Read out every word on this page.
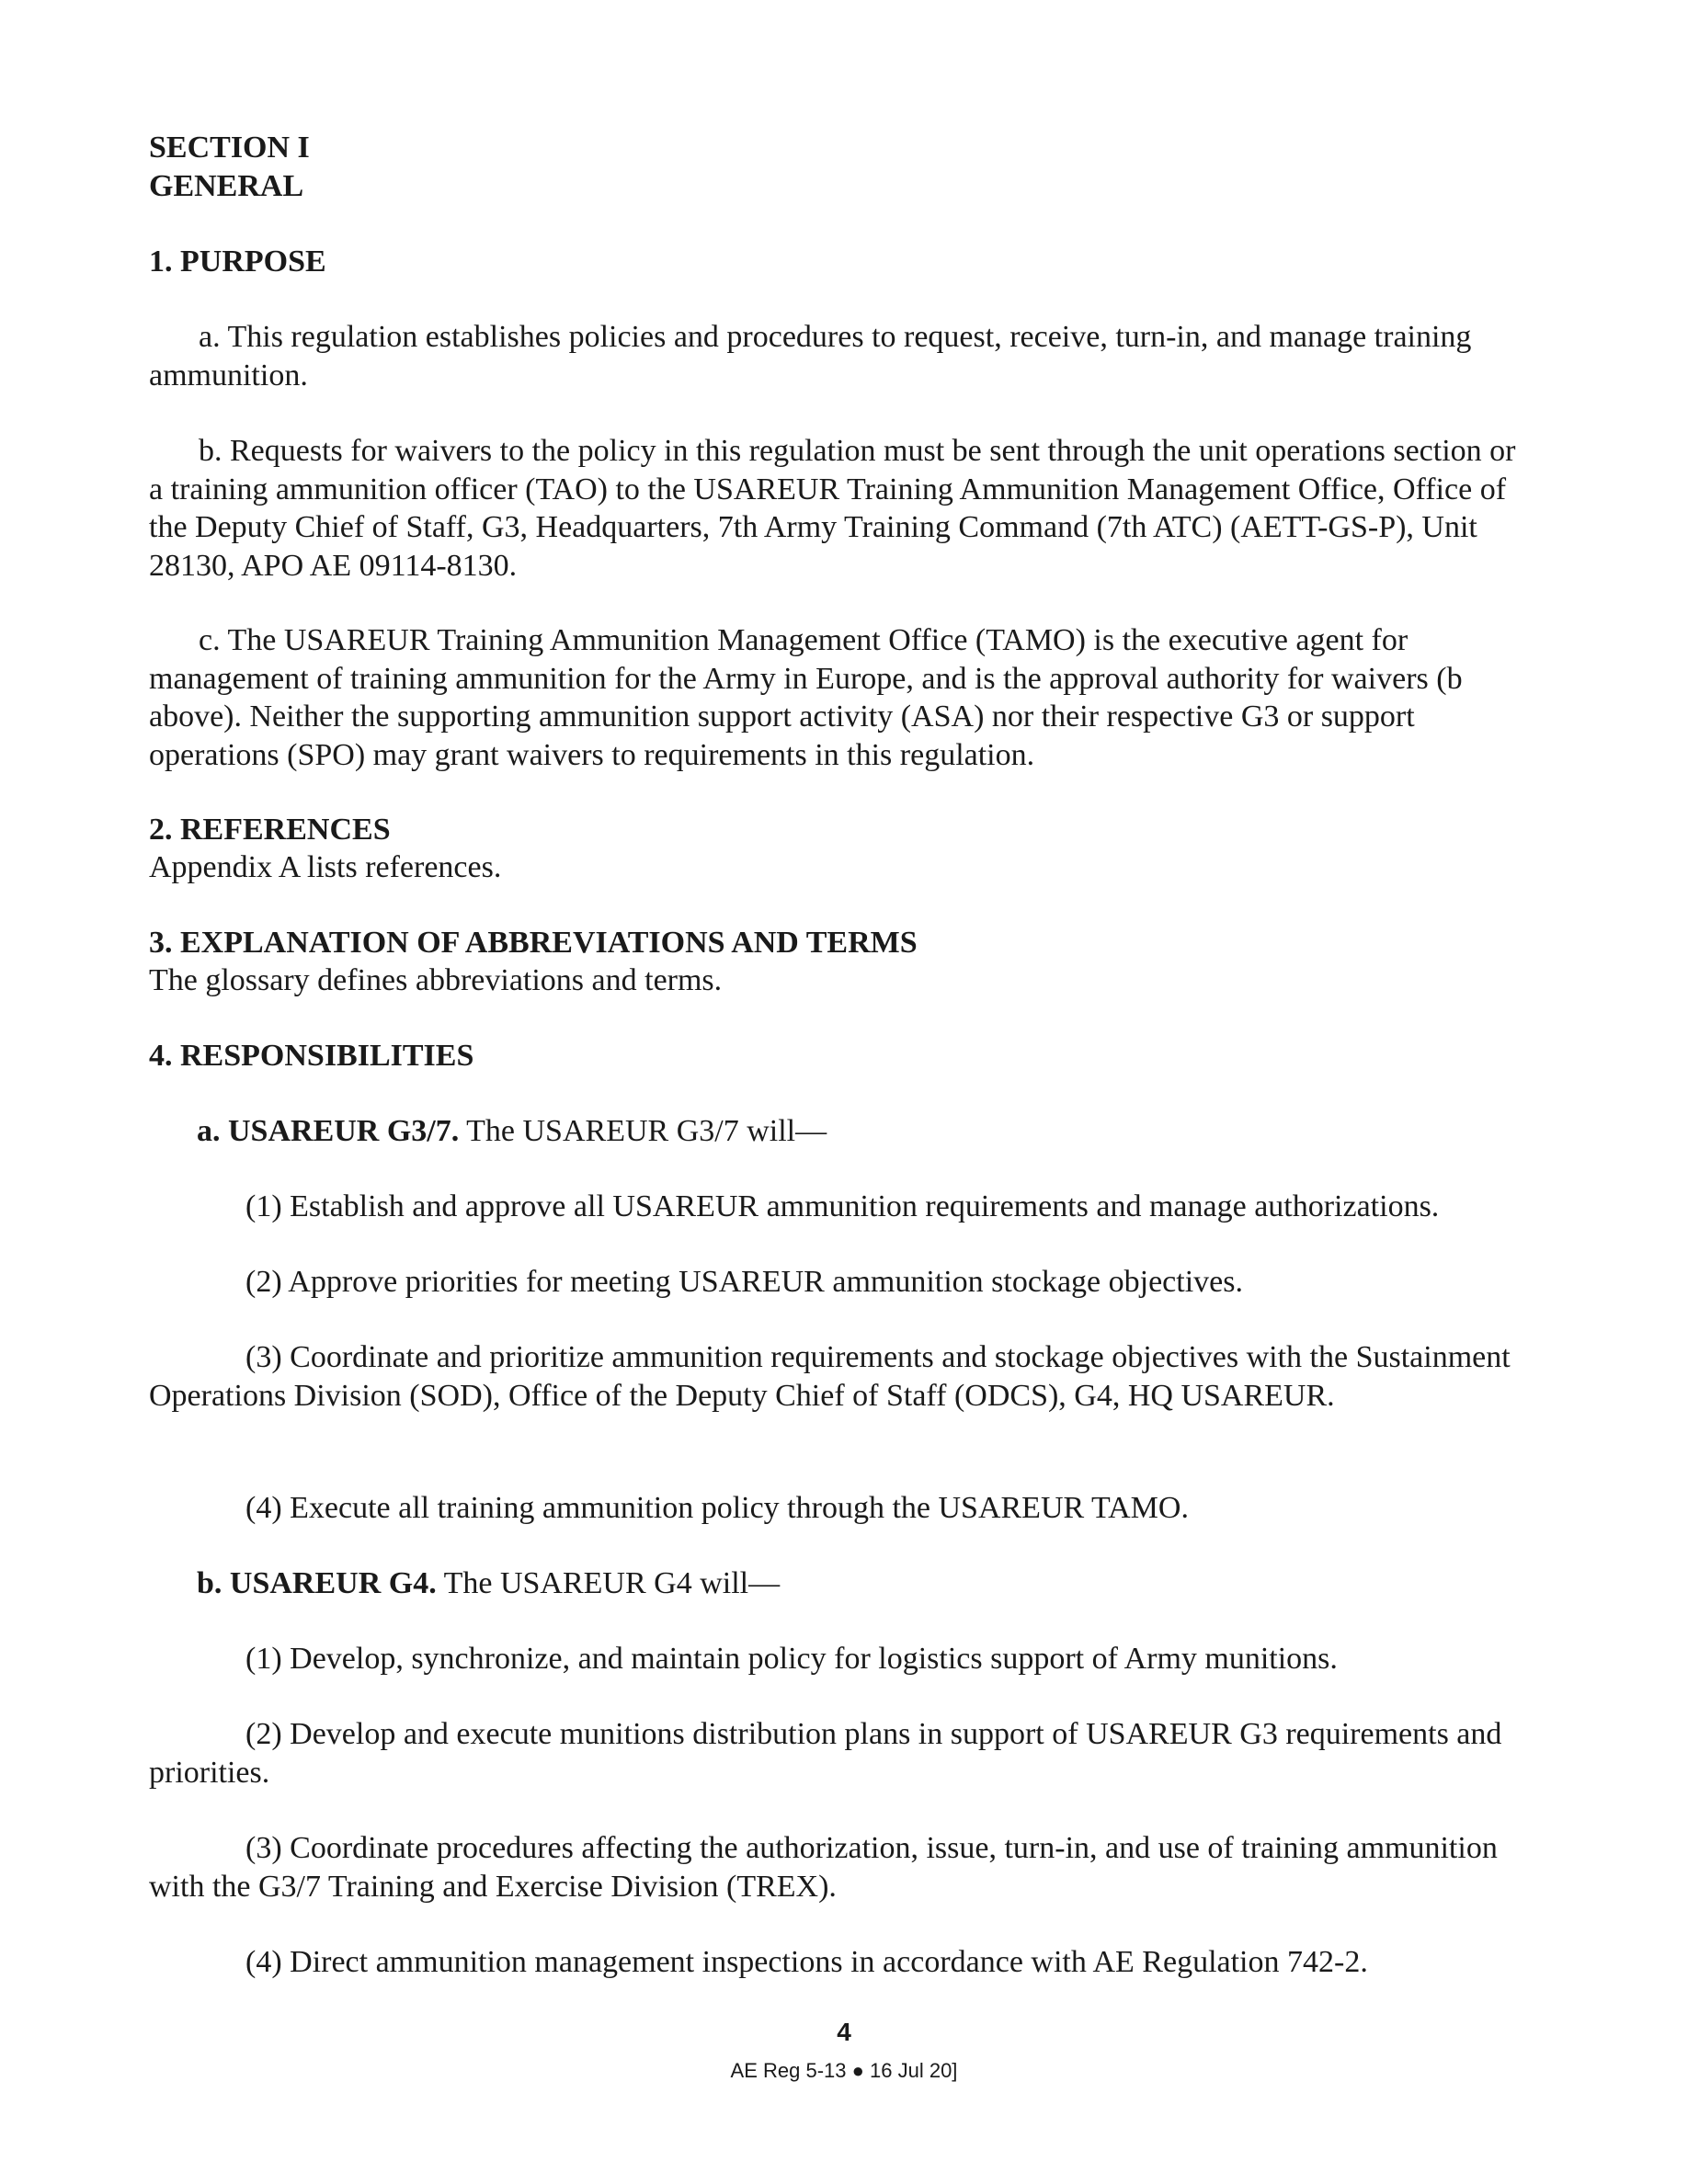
SECTION I
GENERAL

1. PURPOSE

a. This regulation establishes policies and procedures to request, receive, turn-in, and manage training ammunition.

b. Requests for waivers to the policy in this regulation must be sent through the unit operations section or a training ammunition officer (TAO) to the USAREUR Training Ammunition Management Office, Office of the Deputy Chief of Staff, G3, Headquarters, 7th Army Training Command (7th ATC) (AETT-GS-P), Unit 28130, APO AE 09114-8130.

c. The USAREUR Training Ammunition Management Office (TAMO) is the executive agent for management of training ammunition for the Army in Europe, and is the approval authority for waivers (b above). Neither the supporting ammunition support activity (ASA) nor their respective G3 or support operations (SPO) may grant waivers to requirements in this regulation.

2. REFERENCES

Appendix A lists references.

3. EXPLANATION OF ABBREVIATIONS AND TERMS

The glossary defines abbreviations and terms.

4. RESPONSIBILITIES

a. USAREUR G3/7. The USAREUR G3/7 will—

(1) Establish and approve all USAREUR ammunition requirements and manage authorizations.

(2) Approve priorities for meeting USAREUR ammunition stockage objectives.

(3) Coordinate and prioritize ammunition requirements and stockage objectives with the Sustainment Operations Division (SOD), Office of the Deputy Chief of Staff (ODCS), G4, HQ USAREUR.

(4) Execute all training ammunition policy through the USAREUR TAMO.

b. USAREUR G4. The USAREUR G4 will—

(1) Develop, synchronize, and maintain policy for logistics support of Army munitions.

(2) Develop and execute munitions distribution plans in support of USAREUR G3 requirements and priorities.

(3) Coordinate procedures affecting the authorization, issue, turn-in, and use of training ammunition with the G3/7 Training and Exercise Division (TREX).

(4) Direct ammunition management inspections in accordance with AE Regulation 742-2.

4
AE Reg 5-13 ● 16 Jul 20]
